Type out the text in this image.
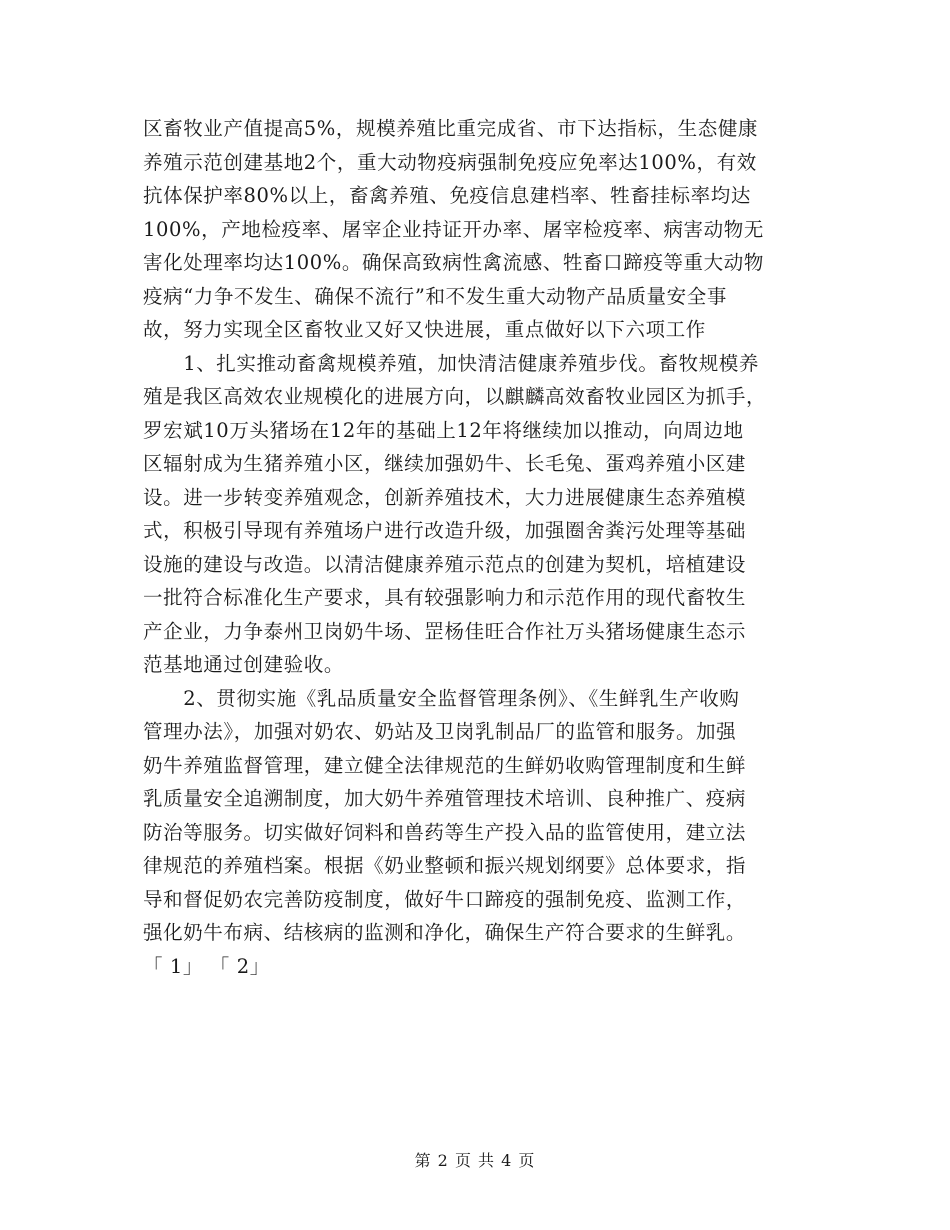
区畜牧业产值提高5%，规模养殖比重完成省、市下达指标，生态健康
养殖示范创建基地2个，重大动物疫病强制免疫应免率达100%，有效
抗体保护率80%以上，畜禽养殖、免疫信息建档率、牲畜挂标率均达
100%，产地检疫率、屠宰企业持证开办率、屠宰检疫率、病害动物无
害化处理率均达100%。确保高致病性禽流感、牲畜口蹄疫等重大动物
疫病“力争不发生、确保不流行”和不发生重大动物产品质量安全事
故，努力实现全区畜牧业又好又快进展，重点做好以下六项工作
　　1、扎实推动畜禽规模养殖，加快清洁健康养殖步伐。畜牧规模养
殖是我区高效农业规模化的进展方向，以麒麟高效畜牧业园区为抓手，
罗宏斌10万头猪场在12年的基础上12年将继续加以推动，向周边地
区辐射成为生猪养殖小区，继续加强奶牛、长毛兔、蛋鸡养殖小区建
设。进一步转变养殖观念，创新养殖技术，大力进展健康生态养殖模
式，积极引导现有养殖场户进行改造升级，加强圈舍粪污处理等基础
设施的建设与改造。以清洁健康养殖示范点的创建为契机，培植建设
一批符合标准化生产要求，具有较强影响力和示范作用的现代畜牧生
产企业，力争泰州卫岗奶牛场、罡杨佳旺合作社万头猪场健康生态示
范基地通过创建验收。
　　2、贯彻实施《乳品质量安全监督管理条例》、《生鲜乳生产收购
管理办法》，加强对奶农、奶站及卫岗乳制品厂的监管和服务。加强
奶牛养殖监督管理，建立健全法律规范的生鲜奶收购管理制度和生鲜
乳质量安全追溯制度，加大奶牛养殖管理技术培训、良种推广、疫病
防治等服务。切实做好饲料和兽药等生产投入品的监管使用，建立法
律规范的养殖档案。根据《奶业整顿和振兴规划纲要》总体要求，指
导和督促奶农完善防疫制度，做好牛口蹄疫的强制免疫、监测工作，
强化奶牛布病、结核病的监测和净化，确保生产符合要求的生鲜乳。
「 1」 「 2」
第 2 页 共 4 页
